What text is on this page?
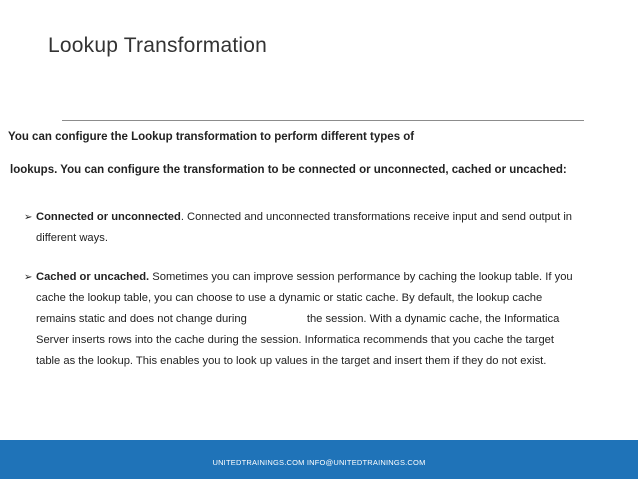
Lookup Transformation
You can configure the Lookup transformation to perform different types of
lookups. You can configure the transformation to be connected or unconnected, cached or uncached:
➢ Connected or unconnected. Connected and unconnected transformations receive input and send output in
different ways.
➢ Cached or uncached. Sometimes you can improve session performance by caching the lookup table. If you
cache the lookup table, you can choose to use a dynamic or static cache. By default, the lookup cache
remains static and does not change during	the session. With a dynamic cache, the Informatica
Server inserts rows into the cache during the session. Informatica recommends that you cache the target
table as the lookup. This enables you to look up values in the target and insert them if they do not exist.
UNITEDTRAININGS.COM INFO@UNITEDTRAININGS.COM
